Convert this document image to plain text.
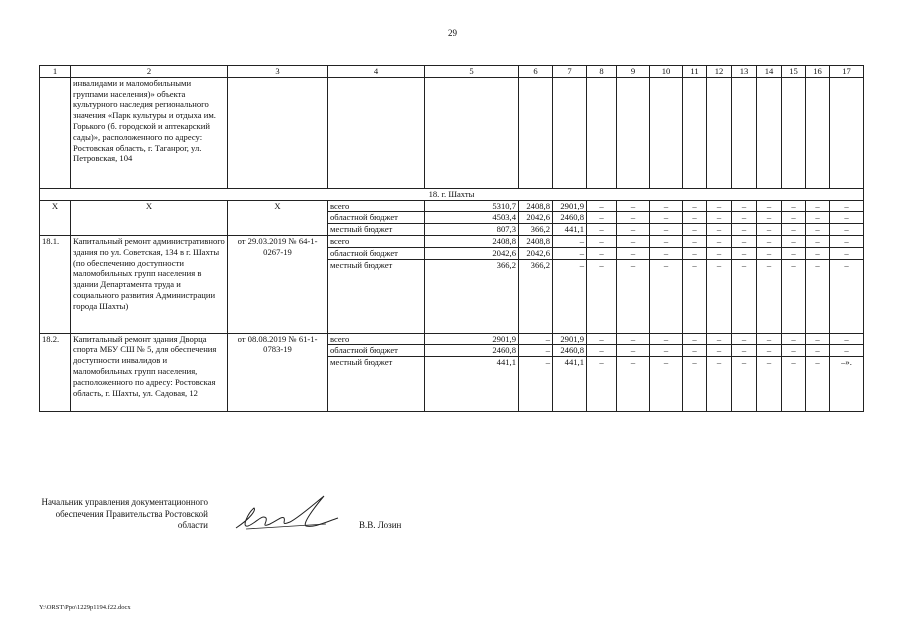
29
1	2	3	4	5	6	7	8	9	10	11	12	13	14	15	16	17
	инвалидами и маломобильными группами населения)» объекта культурного наследия регионального значения «Парк культуры и отдыха им. Горького (б. городской и аптекарский сады)», расположенного по адресу: Ростовская область, г. Таганрог, ул. Петровская, 104															
18. г. Шахты																
Х	Х	Х	всего	5310,7	2408,8	2901,9	–	–	–	–	–	–	–	–	–	–
			областной бюджет	4503,4	2042,6	2460,8	–	–	–	–	–	–	–	–	–	–
			местный бюджет	807,3	366,2	441,1	–	–	–	–	–	–	–	–	–	–
18.1.	Капитальный ремонт административного здания по ул. Советская, 134 в г. Шахты (по обеспечению доступности маломобильных групп населения в здании Департамента труда и социального развития Администрации города Шахты)	от 29.03.2019 № 64-1-0267-19	всего	2408,8	2408,8	–	–	–	–	–	–	–	–	–	–	–
			областной бюджет	2042,6	2042,6	–	–	–	–	–	–	–	–	–	–	–
			местный бюджет	366,2	366,2	–	–	–	–	–	–	–	–	–	–	–
18.2.	Капитальный ремонт здания Дворца спорта МБУ СШ № 5, для обеспечения доступности инвалидов и маломобильных групп населения, расположенного по адресу: Ростовская область, г. Шахты, ул. Садовая, 12	от 08.08.2019 № 61-1-0783-19	всего	2901,9	–	2901,9	–	–	–	–	–	–	–	–	–	–
			областной бюджет	2460,8	–	2460,8	–	–	–	–	–	–	–	–	–	–
			местный бюджет	441,1	–	441,1	–	–	–	–	–	–	–	–	–	–».
Начальник управления документационного обеспечения Правительства Ростовской области	В.В. Лозин
Y:\ORST\Ppo\1229p1194.f22.docx
